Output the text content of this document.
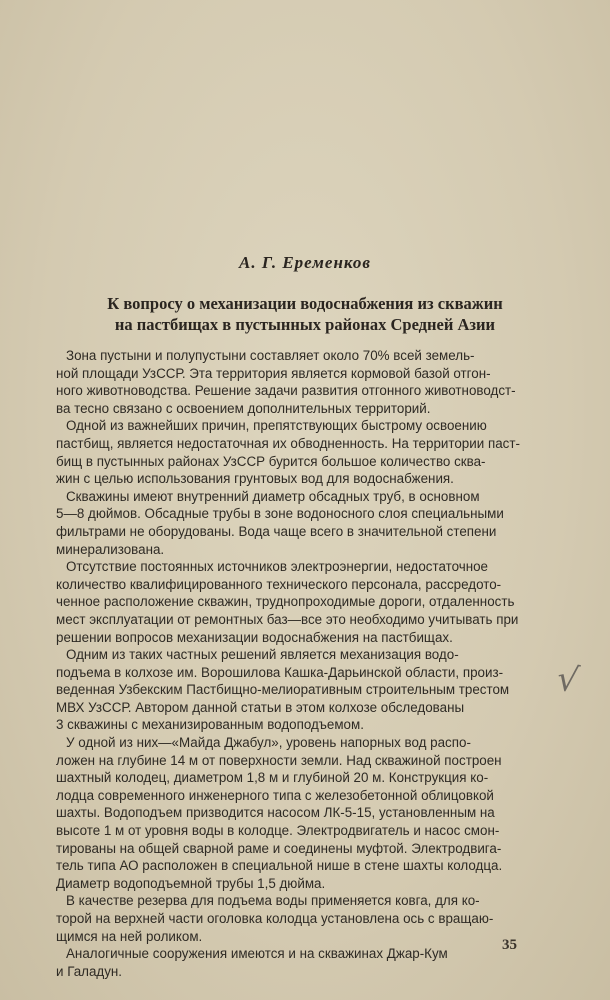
А. Г. Еременков
К вопросу о механизации водоснабжения из скважин
на пастбищах в пустынных районах Средней Азии
Зона пустыни и полупустыни составляет около 70% всей земель-
ной площади УзССР. Эта территория является кормовой базой отгон-
ного животноводства. Решение задачи развития отгонного животноводст-
ва тесно связано с освоением дополнительных территорий.
Одной из важнейших причин, препятствующих быстрому освоению
пастбищ, является недостаточная их обводненность. На территории паст-
бищ в пустынных районах УзССР бурится большое количество сква-
жин с целью использования грунтовых вод для водоснабжения.
Скважины имеют внутренний диаметр обсадных труб, в основном
5—8 дюймов. Обсадные трубы в зоне водоносного слоя специальными
фильтрами не оборудованы. Вода чаще всего в значительной степени
минерализована.
Отсутствие постоянных источников электроэнергии, недостаточное
количество квалифицированного технического персонала, рассредото-
ченное расположение скважин, труднопроходимые дороги, отдаленность
мест эксплуатации от ремонтных баз—все это необходимо учитывать при
решении вопросов механизации водоснабжения на пастбищах.
Одним из таких частных решений является механизация водо-
подъема в колхозе им. Ворошилова Кашка-Дарьинской области, произ-
веденная Узбекским Пастбищно-мелиоративным строительным трестом
МВХ УзССР. Автором данной статьи в этом колхозе обследованы
3 скважины с механизированным водоподъемом.
У одной из них—«Майда Джабул», уровень напорных вод распо-
ложен на глубине 14 м от поверхности земли. Над скважиной построен
шахтный колодец, диаметром 1,8 м и глубиной 20 м. Конструкция ко-
лодца современного инженерного типа с железобетонной облицовкой
шахты. Водоподъем призводится насосом ЛК-5-15, установленным на
высоте 1 м от уровня воды в колодце. Электродвигатель и насос смон-
тированы на общей сварной раме и соединены муфтой. Электродвига-
тель типа АО расположен в специальной нише в стене шахты колодца.
Диаметр водоподъемной трубы 1,5 дюйма.
В качестве резерва для подъема воды применяется ковга, для ко-
торой на верхней части оголовка колодца установлена ось с вращаю-
щимся на ней роликом.
Аналогичные сооружения имеются и на скважинах Джар-Кум
и Галадун.
√
35
